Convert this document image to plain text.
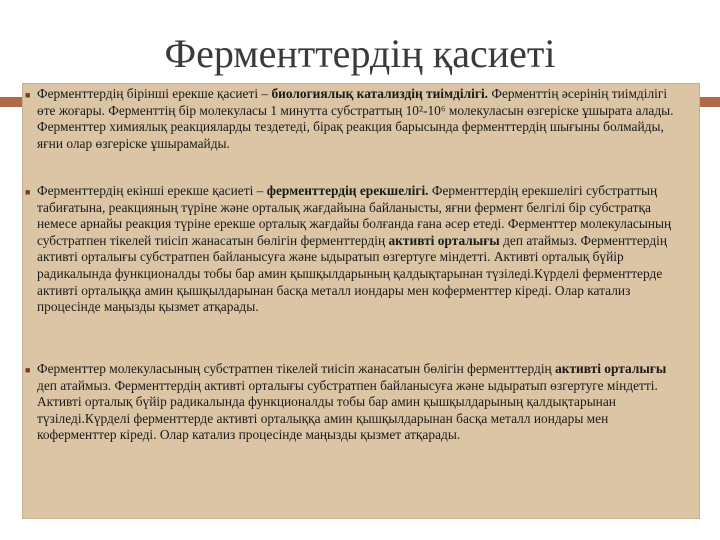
Ферменттердің қасиеті
■ Ферменттердің бірінші ерекше қасиеті – биологиялық катализдің тиімділігі. Ферменттің әсерінің тиімділігі өте жоғары. Ферменттің бір молекуласы 1 минутта субстраттың 10²-10⁶ молекуласын өзгеріске ұшырата алады. Ферменттер химиялық реакцияларды тездетеді, бірақ реакция барысында ферменттердің шығыны болмайды, яғни олар өзгеріске ұшырамайды.

■ Ферменттердің екінші ерекше қасиеті – ферменттердің ерекшелігі. Ферменттердің ерекшелігі субстраттың табиғатына, реакцияның түріне және орталық жағдайына байланысты, яғни фермент белгілі бір субстратқа немесе арнайы реакция түріне ерекше орталық жағдайы болғанда ғана әсер етеді. Ферменттер молекуласының субстратпен тікелей тиісіп жанасатын бөлігін ферменттердің активті орталығы деп атаймыз. Ферменттердің активті орталығы субстратпен байланысуға және ыдыратып өзгертуге міндетті. Активті орталық бүйір радикалында функционалды тобы бар амин қышқылдарының қалдықтарынан түзіледі.Күрделі ферменттерде активті орталыққа амин қышқылдарынан басқа металл иондары мен коферменттер кіреді. Олар катализ процесінде маңызды қызмет атқарады.

■ Ферменттер молекуласының субстратпен тікелей тиісіп жанасатын бөлігін ферменттердің активті орталығы деп атаймыз. Ферменттердің активті орталығы субстратпен байланысуға және ыдыратып өзгертуге міндетті. Активті орталық бүйір радикалында функционалды тобы бар амин қышқылдарының қалдықтарынан түзіледі.Күрделі ферменттерде активті орталыққа амин қышқылдарынан басқа металл иондары мен коферменттер кіреді. Олар катализ процесінде маңызды қызмет атқарады.
